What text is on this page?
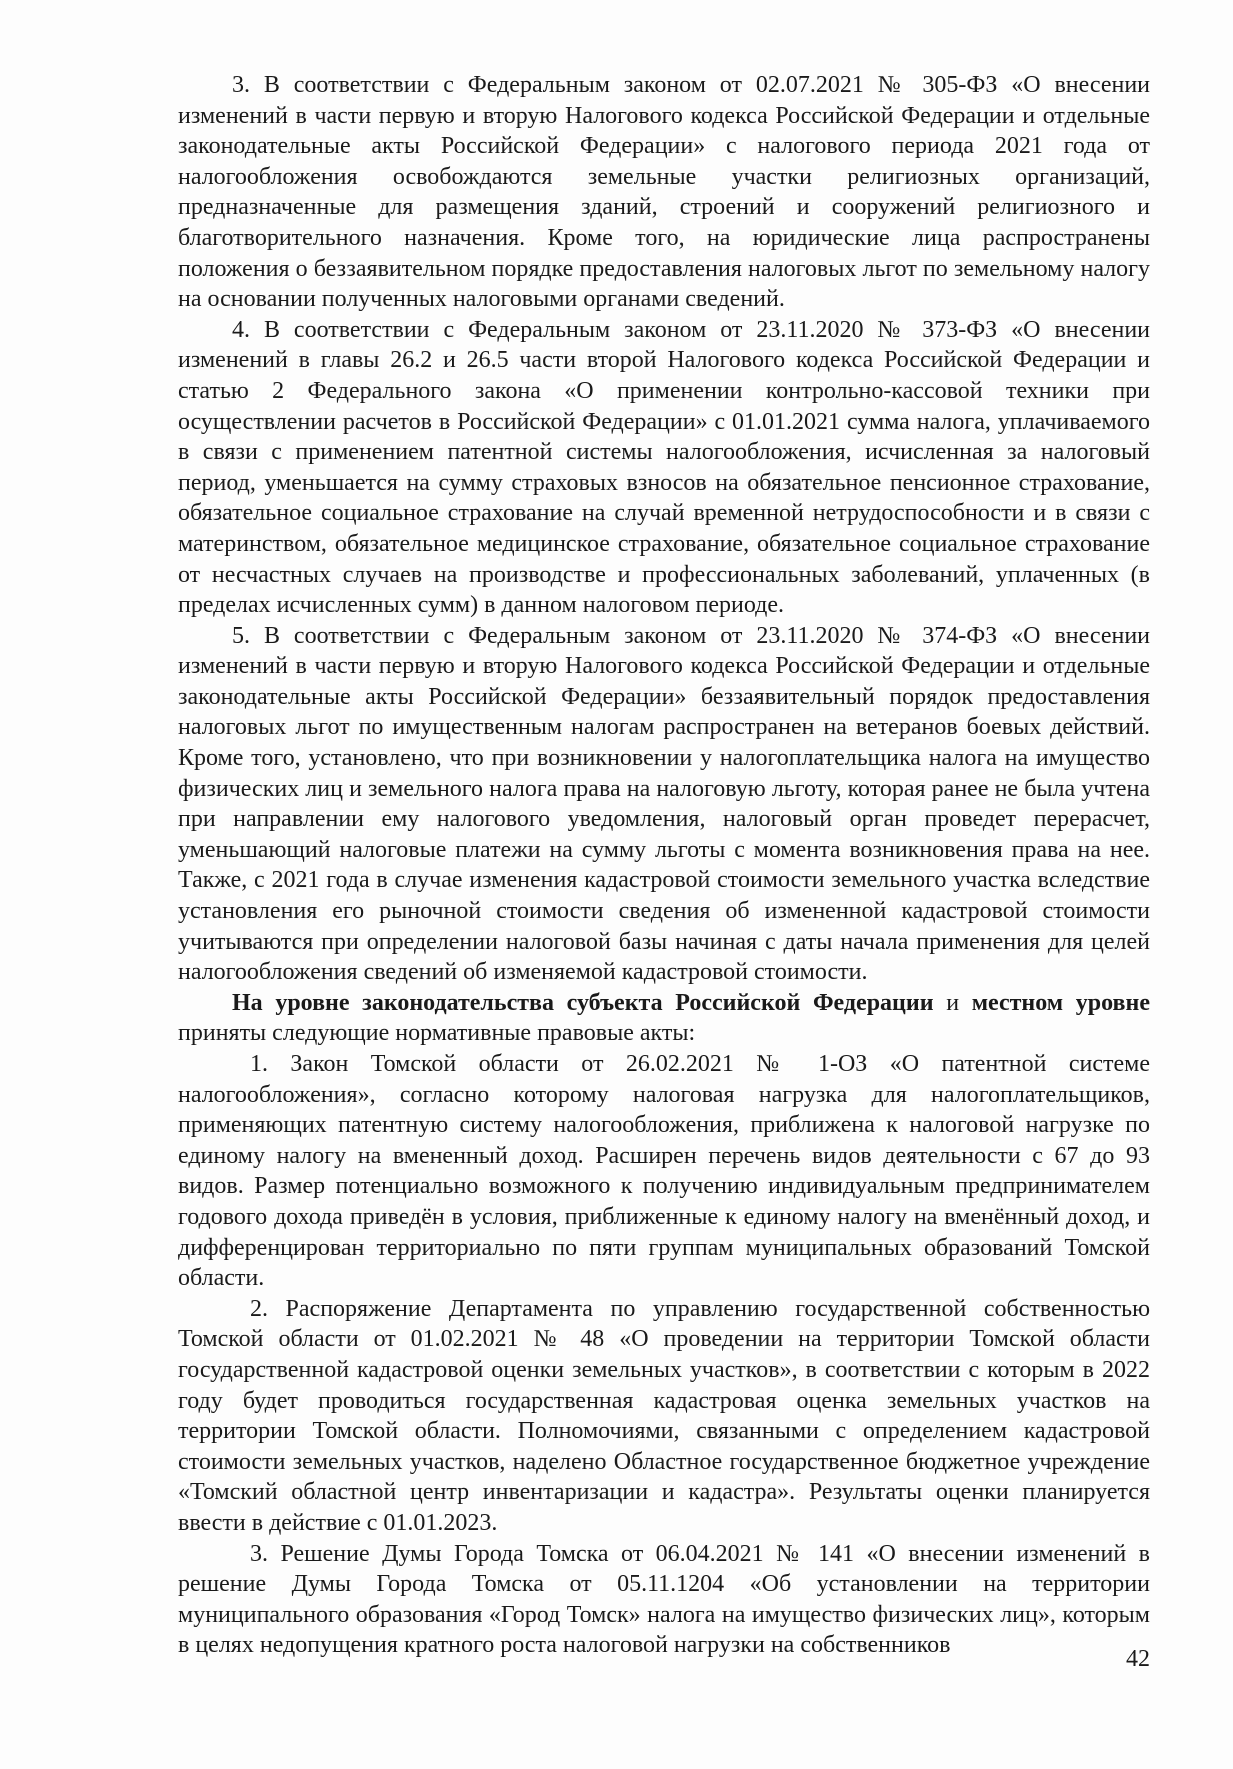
3. В соответствии с Федеральным законом от 02.07.2021 № 305-ФЗ «О внесении изменений в части первую и вторую Налогового кодекса Российской Федерации и отдельные законодательные акты Российской Федерации» с налогового периода 2021 года от налогообложения освобождаются земельные участки религиозных организаций, предназначенные для размещения зданий, строений и сооружений религиозного и благотворительного назначения. Кроме того, на юридические лица распространены положения о беззаявительном порядке предоставления налоговых льгот по земельному налогу на основании полученных налоговыми органами сведений.

4. В соответствии с Федеральным законом от 23.11.2020 № 373-ФЗ «О внесении изменений в главы 26.2 и 26.5 части второй Налогового кодекса Российской Федерации и статью 2 Федерального закона «О применении контрольно-кассовой техники при осуществлении расчетов в Российской Федерации» с 01.01.2021 сумма налога, уплачиваемого в связи с применением патентной системы налогообложения, исчисленная за налоговый период, уменьшается на сумму страховых взносов на обязательное пенсионное страхование, обязательное социальное страхование на случай временной нетрудоспособности и в связи с материнством, обязательное медицинское страхование, обязательное социальное страхование от несчастных случаев на производстве и профессиональных заболеваний, уплаченных (в пределах исчисленных сумм) в данном налоговом периоде.

5. В соответствии с Федеральным законом от 23.11.2020 № 374-ФЗ «О внесении изменений в части первую и вторую Налогового кодекса Российской Федерации и отдельные законодательные акты Российской Федерации» беззаявительный порядок предоставления налоговых льгот по имущественным налогам распространен на ветеранов боевых действий. Кроме того, установлено, что при возникновении у налогоплательщика налога на имущество физических лиц и земельного налога права на налоговую льготу, которая ранее не была учтена при направлении ему налогового уведомления, налоговый орган проведет перерасчет, уменьшающий налоговые платежи на сумму льготы с момента возникновения права на нее. Также, с 2021 года в случае изменения кадастровой стоимости земельного участка вследствие установления его рыночной стоимости сведения об измененной кадастровой стоимости учитываются при определении налоговой базы начиная с даты начала применения для целей налогообложения сведений об изменяемой кадастровой стоимости.

На уровне законодательства субъекта Российской Федерации и местном уровне приняты следующие нормативные правовые акты:

1. Закон Томской области от 26.02.2021 № 1-ОЗ «О патентной системе налогообложения», согласно которому налоговая нагрузка для налогоплательщиков, применяющих патентную систему налогообложения, приближена к налоговой нагрузке по единому налогу на вмененный доход. Расширен перечень видов деятельности с 67 до 93 видов. Размер потенциально возможного к получению индивидуальным предпринимателем годового дохода приведён в условия, приближенные к единому налогу на вменённый доход, и дифференцирован территориально по пяти группам муниципальных образований Томской области.

2. Распоряжение Департамента по управлению государственной собственностью Томской области от 01.02.2021 № 48 «О проведении на территории Томской области государственной кадастровой оценки земельных участков», в соответствии с которым в 2022 году будет проводиться государственная кадастровая оценка земельных участков на территории Томской области. Полномочиями, связанными с определением кадастровой стоимости земельных участков, наделено Областное государственное бюджетное учреждение «Томский областной центр инвентаризации и кадастра». Результаты оценки планируется ввести в действие с 01.01.2023.

3. Решение Думы Города Томска от 06.04.2021 № 141 «О внесении изменений в решение Думы Города Томска от 05.11.1204 «Об установлении на территории муниципального образования «Город Томск» налога на имущество физических лиц», которым в целях недопущения кратного роста налоговой нагрузки на собственников

42
